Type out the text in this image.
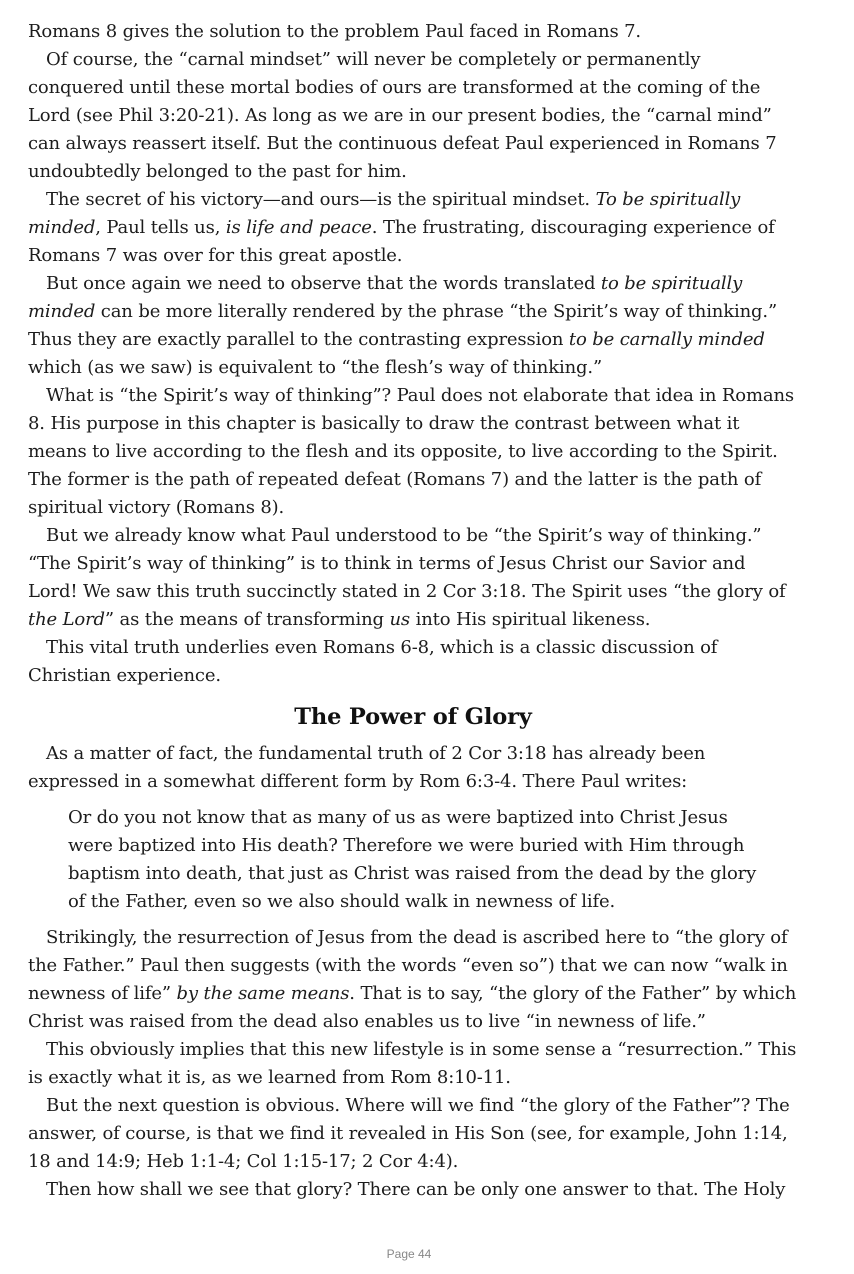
Romans 8 gives the solution to the problem Paul faced in Romans 7.

Of course, the “carnal mindset” will never be completely or permanently conquered until these mortal bodies of ours are transformed at the coming of the Lord (see Phil 3:20-21). As long as we are in our present bodies, the “carnal mind” can always reassert itself. But the continuous defeat Paul experienced in Romans 7 undoubtedly belonged to the past for him.

The secret of his victory—and ours—is the spiritual mindset. To be spiritually minded, Paul tells us, is life and peace. The frustrating, discouraging experience of Romans 7 was over for this great apostle.

But once again we need to observe that the words translated to be spiritually minded can be more literally rendered by the phrase “the Spirit’s way of thinking.” Thus they are exactly parallel to the contrasting expression to be carnally minded which (as we saw) is equivalent to “the flesh’s way of thinking.”

What is “the Spirit’s way of thinking”? Paul does not elaborate that idea in Romans 8. His purpose in this chapter is basically to draw the contrast between what it means to live according to the flesh and its opposite, to live according to the Spirit. The former is the path of repeated defeat (Romans 7) and the latter is the path of spiritual victory (Romans 8).

But we already know what Paul understood to be “the Spirit’s way of thinking.” “The Spirit’s way of thinking” is to think in terms of Jesus Christ our Savior and Lord! We saw this truth succinctly stated in 2 Cor 3:18. The Spirit uses “the glory of the Lord” as the means of transforming us into His spiritual likeness.

This vital truth underlies even Romans 6-8, which is a classic discussion of Christian experience.

The Power of Glory

As a matter of fact, the fundamental truth of 2 Cor 3:18 has already been expressed in a somewhat different form by Rom 6:3-4. There Paul writes:

Or do you not know that as many of us as were baptized into Christ Jesus were baptized into His death? Therefore we were buried with Him through baptism into death, that just as Christ was raised from the dead by the glory of the Father, even so we also should walk in newness of life.

Strikingly, the resurrection of Jesus from the dead is ascribed here to “the glory of the Father.” Paul then suggests (with the words “even so”) that we can now “walk in newness of life” by the same means. That is to say, “the glory of the Father” by which Christ was raised from the dead also enables us to live “in newness of life.”

This obviously implies that this new lifestyle is in some sense a “resurrection.” This is exactly what it is, as we learned from Rom 8:10-11.

But the next question is obvious. Where will we find “the glory of the Father”? The answer, of course, is that we find it revealed in His Son (see, for example, John 1:14, 18 and 14:9; Heb 1:1-4; Col 1:15-17; 2 Cor 4:4).

Then how shall we see that glory? There can be only one answer to that. The Holy

Page 44
